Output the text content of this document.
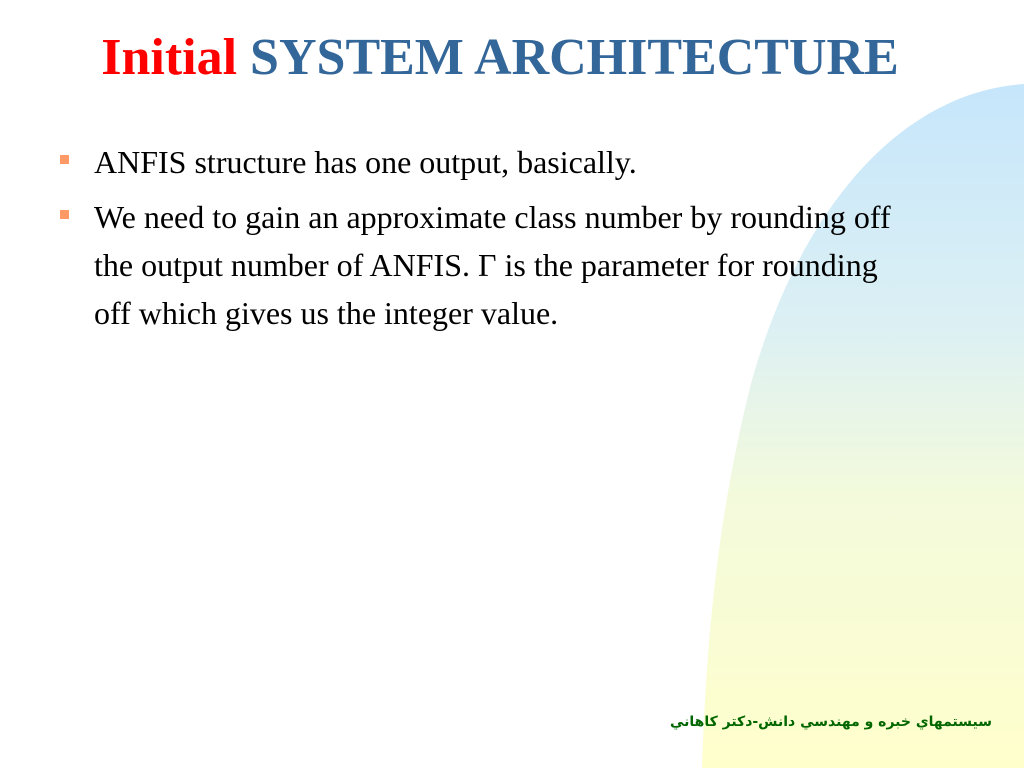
Initial SYSTEM ARCHITECTURE
ANFIS structure has one output, basically.
We need to gain an approximate class number by rounding off the output number of ANFIS. Γ is the parameter for rounding off which gives us the integer value.
سيستمهاي خبره و مهندسي دانش-دکتر کاهاني
